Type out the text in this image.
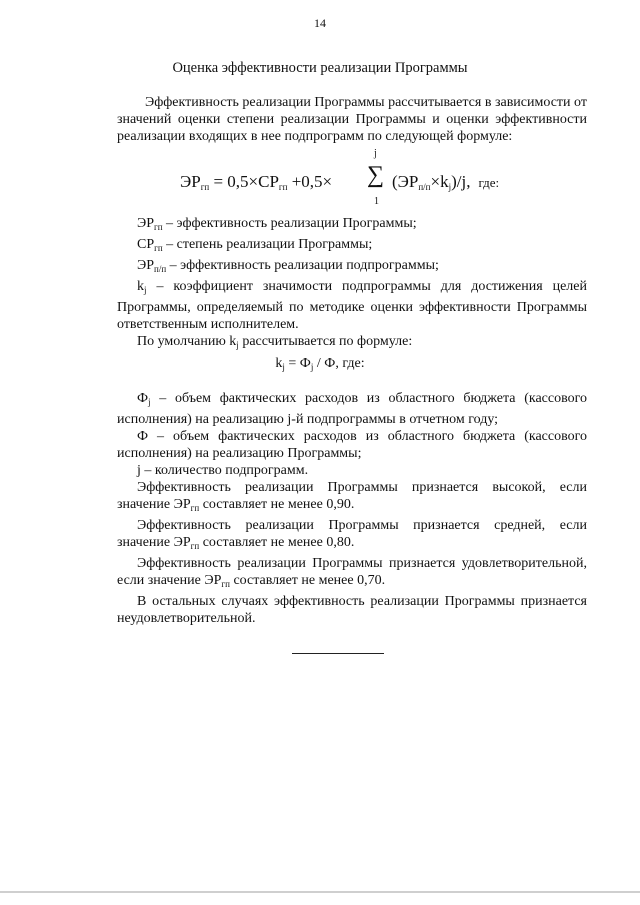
14
Оценка эффективности реализации Программы
Эффективность реализации Программы рассчитывается в зависимости от значений оценки степени реализации Программы и оценки эффективности реализации входящих в нее подпрограмм по следующей формуле:
$ЭР_{гп} = 0,5\times СР_{гп} +0,5\times$
j
∑
1
$(ЭР_{п/п}\times k_j)/j$, где:

$ЭР_{гп}$ – эффективность реализации Программы;

$СР_{гп}$ – степень реализации Программы;

$ЭР_{п/п}$ – эффективность реализации подпрограммы;

$k_j$ – коэффициент значимости подпрограммы для достижения целей Программы, определяемый по методике оценки эффективности Программы ответственным исполнителем.

По умолчанию $k_j$ рассчитывается по формуле:

$k_j = Ф_j / Ф$, где:

$Ф_j$ – объем фактических расходов из областного бюджета (кассового исполнения) на реализацию j-й подпрограммы в отчетном году;

Ф – объем фактических расходов из областного бюджета (кассового исполнения) на реализацию Программы;

j – количество подпрограмм.

Эффективность реализации Программы признается высокой, если значение $ЭР_{гп}$ составляет не менее 0,90.

Эффективность реализации Программы признается средней, если значение $ЭР_{гп}$ составляет не менее 0,80.

Эффективность реализации Программы признается удовлетворительной, если значение $ЭР_{гп}$ составляет не менее 0,70.

В остальных случаях эффективность реализации Программы признается неудовлетворительной.
